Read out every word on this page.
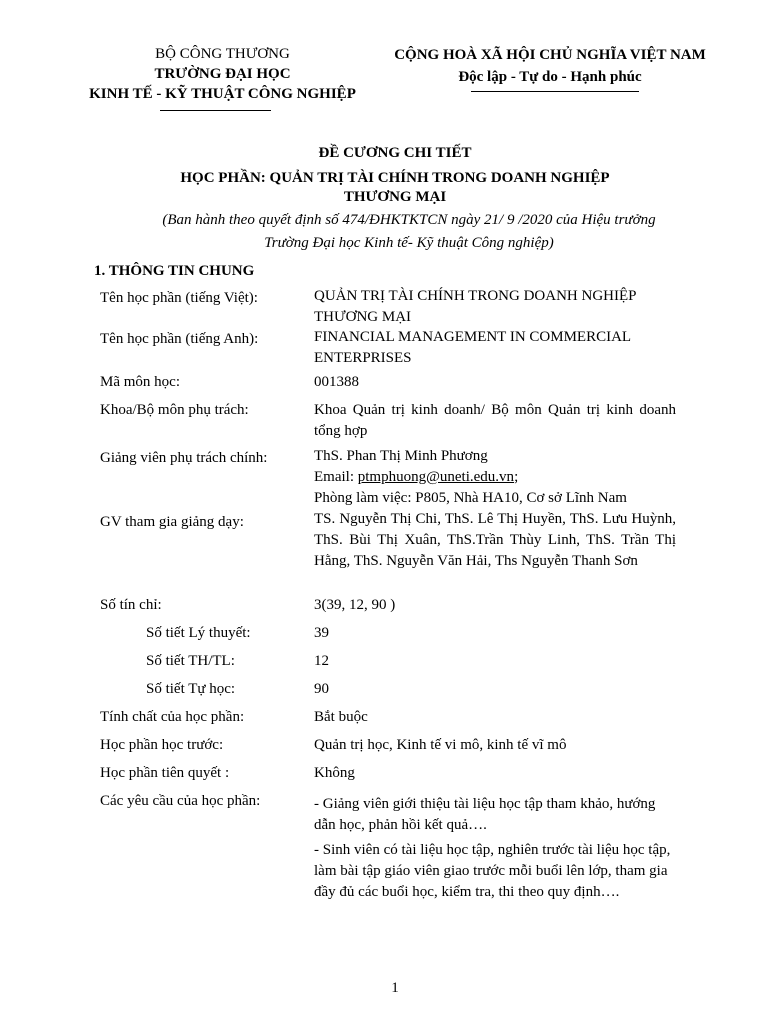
BỘ CÔNG THƯƠNG
TRƯỜNG ĐẠI HỌC
KINH TẾ - KỸ THUẬT CÔNG NGHIỆP
CỘNG HOÀ XÃ HỘI CHỦ NGHĨA VIỆT NAM
Độc lập - Tự do - Hạnh phúc
ĐỀ CƯƠNG CHI TIẾT
HỌC PHẦN: QUẢN TRỊ TÀI CHÍNH TRONG DOANH NGHIỆP
THƯƠNG MẠI
(Ban hành theo quyết định số 474/ĐHKTKTCN ngày 21/ 9 /2020 của Hiệu trưởng
Trường Đại học Kinh tế- Kỹ thuật Công nghiệp)
1. THÔNG TIN CHUNG
Tên học phần (tiếng Việt):	QUẢN TRỊ TÀI CHÍNH TRONG DOANH NGHIỆP
THƯƠNG MẠI
Tên học phần (tiếng Anh):	FINANCIAL MANAGEMENT IN COMMERCIAL
ENTERPRISES
Mã môn học:	001388
Khoa/Bộ môn phụ trách:	Khoa Quản trị kinh doanh/ Bộ môn Quản trị kinh doanh tổng hợp
Giảng viên phụ trách chính:	ThS. Phan Thị Minh Phương
Email: ptmphuong@uneti.edu.vn;
Phòng làm việc: P805, Nhà HA10, Cơ sở Lĩnh Nam
GV tham gia giảng dạy:	TS. Nguyễn Thị Chi, ThS. Lê Thị Huyền, ThS. Lưu Huỳnh, ThS. Bùi Thị Xuân, ThS.Trần Thùy Linh, ThS. Trần Thị Hằng, ThS. Nguyễn Văn Hải, Ths Nguyễn Thanh Sơn
Số tín chỉ:	3(39, 12, 90 )
Số tiết Lý thuyết:	39
Số tiết TH/TL:	12
Số tiết Tự học:	90
Tính chất của học phần:	Bắt buộc
Học phần học trước:	Quản trị học, Kinh tế vi mô, kinh tế vĩ mô
Học phần tiên quyết :	Không
Các yêu cầu của học phần:	- Giảng viên giới thiệu tài liệu học tập tham khảo, hướng dẫn học, phản hồi kết quả….
- Sinh viên có tài liệu học tập, nghiên trước tài liệu học tập, làm bài tập giáo viên giao trước mỗi buổi lên lớp, tham gia đầy đủ các buổi học, kiểm tra, thi theo quy định….
1
